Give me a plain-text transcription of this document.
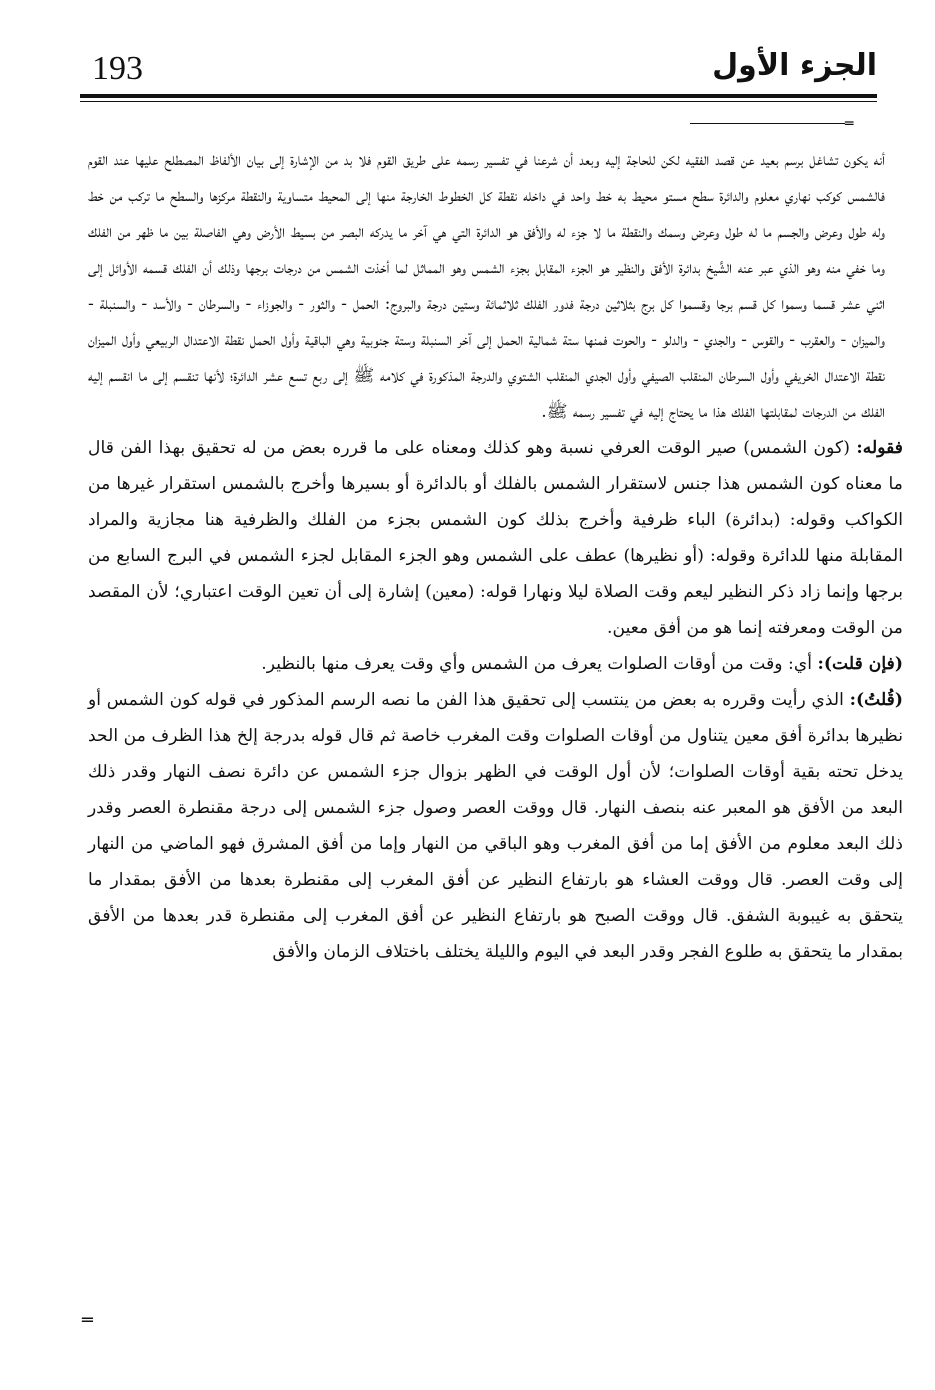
193	الجزء الأول
═

أنه يكون تشاغل برسم بعيد عن قصد الفقيه لكن للحاجة إليه وبعد أن شرعنا في تفسير رسمه على طريق القوم فلا بد من الإشارة إلى بيان الألفاظ المصطلح عليها عند القوم فالشمس كوكب نهاري معلوم والدائرة سطح مستو محيط به خط واحد في داخله نقطة كل الخطوط الخارجة منها إلى المحيط متساوية والنقطة مركزها والسطح ما تركب من خط وله طول وعرض والجسم ما له طول وعرض وسمك والنقطة ما لا جزء له والأفق هو الدائرة التي هي آخر ما يدركه البصر من بسيط الأرض وهي الفاصلة بين ما ظهر من الفلك وما خفي منه وهو الذي عبر عنه الشَّيخ بدائرة الأفق والنظير هو الجزء المقابل بجزء الشمس وهو المماثل لما أخذت الشمس من درجات برجها وذلك أن الفلك قسمه الأوائل إلى اثني عشر قسما وسموا كل قسم برجا وقسموا كل برج بثلاثين درجة فدور الفلك ثلاثمائة وستين درجة والبروج: الحمل - والثور - والجوزاء - والسرطان - والأسد - والسنبلة - والميزان - والعقرب - والقوس - والجدي - والدلو - والحوت فمنها ستة شمالية الحمل إلى آخر السنبلة وستة جنوبية وهي الباقية وأول الحمل نقطة الاعتدال الربيعي وأول الميزان نقطة الاعتدال الخريفي وأول السرطان المنقلب الصيفي وأول الجدي المنقلب الشتوي والدرجة المذكورة في كلامه ﷺ إلى ربع تسع عشر الدائرة؛ لأنها تنقسم إلى ما انقسم إليه الفلك من الدرجات لمقابلتها الفلك هذا ما يحتاج إليه في تفسير رسمه ﷺ.

فقوله: (كون الشمس) صير الوقت العرفي نسبة وهو كذلك ومعناه على ما قرره بعض من له تحقيق بهذا الفن قال ما معناه كون الشمس هذا جنس لاستقرار الشمس بالفلك أو بالدائرة أو بسيرها وأخرج بالشمس استقرار غيرها من الكواكب وقوله: (بدائرة) الباء ظرفية وأخرج بذلك كون الشمس بجزء من الفلك والظرفية هنا مجازية والمراد المقابلة منها للدائرة وقوله: (أو نظيرها) عطف على الشمس وهو الجزء المقابل لجزء الشمس في البرج السابع من برجها وإنما زاد ذكر النظير ليعم وقت الصلاة ليلا ونهارا قوله: (معين) إشارة إلى أن تعين الوقت اعتباري؛ لأن المقصد من الوقت ومعرفته إنما هو من أفق معين.

(فإن قلت): أي: وقت من أوقات الصلوات يعرف من الشمس وأي وقت يعرف منها بالنظير.

(قُلتُ): الذي رأيت وقرره به بعض من ينتسب إلى تحقيق هذا الفن ما نصه الرسم المذكور في قوله كون الشمس أو نظيرها بدائرة أفق معين يتناول من أوقات الصلوات وقت المغرب خاصة ثم قال قوله بدرجة إلخ هذا الظرف من الحد يدخل تحته بقية أوقات الصلوات؛ لأن أول الوقت في الظهر بزوال جزء الشمس عن دائرة نصف النهار وقدر ذلك البعد من الأفق هو المعبر عنه بنصف النهار. قال ووقت العصر وصول جزء الشمس إلى درجة مقنطرة العصر وقدر ذلك البعد معلوم من الأفق إما من أفق المغرب وهو الباقي من النهار وإما من أفق المشرق فهو الماضي من النهار إلى وقت العصر. قال ووقت العشاء هو بارتفاع النظير عن أفق المغرب إلى مقنطرة بعدها من الأفق بمقدار ما يتحقق به غيبوبة الشفق. قال ووقت الصبح هو بارتفاع النظير عن أفق المغرب إلى مقنطرة قدر بعدها من الأفق بمقدار ما يتحقق به طلوع الفجر وقدر البعد في اليوم والليلة يختلف باختلاف الزمان والأفق

═
